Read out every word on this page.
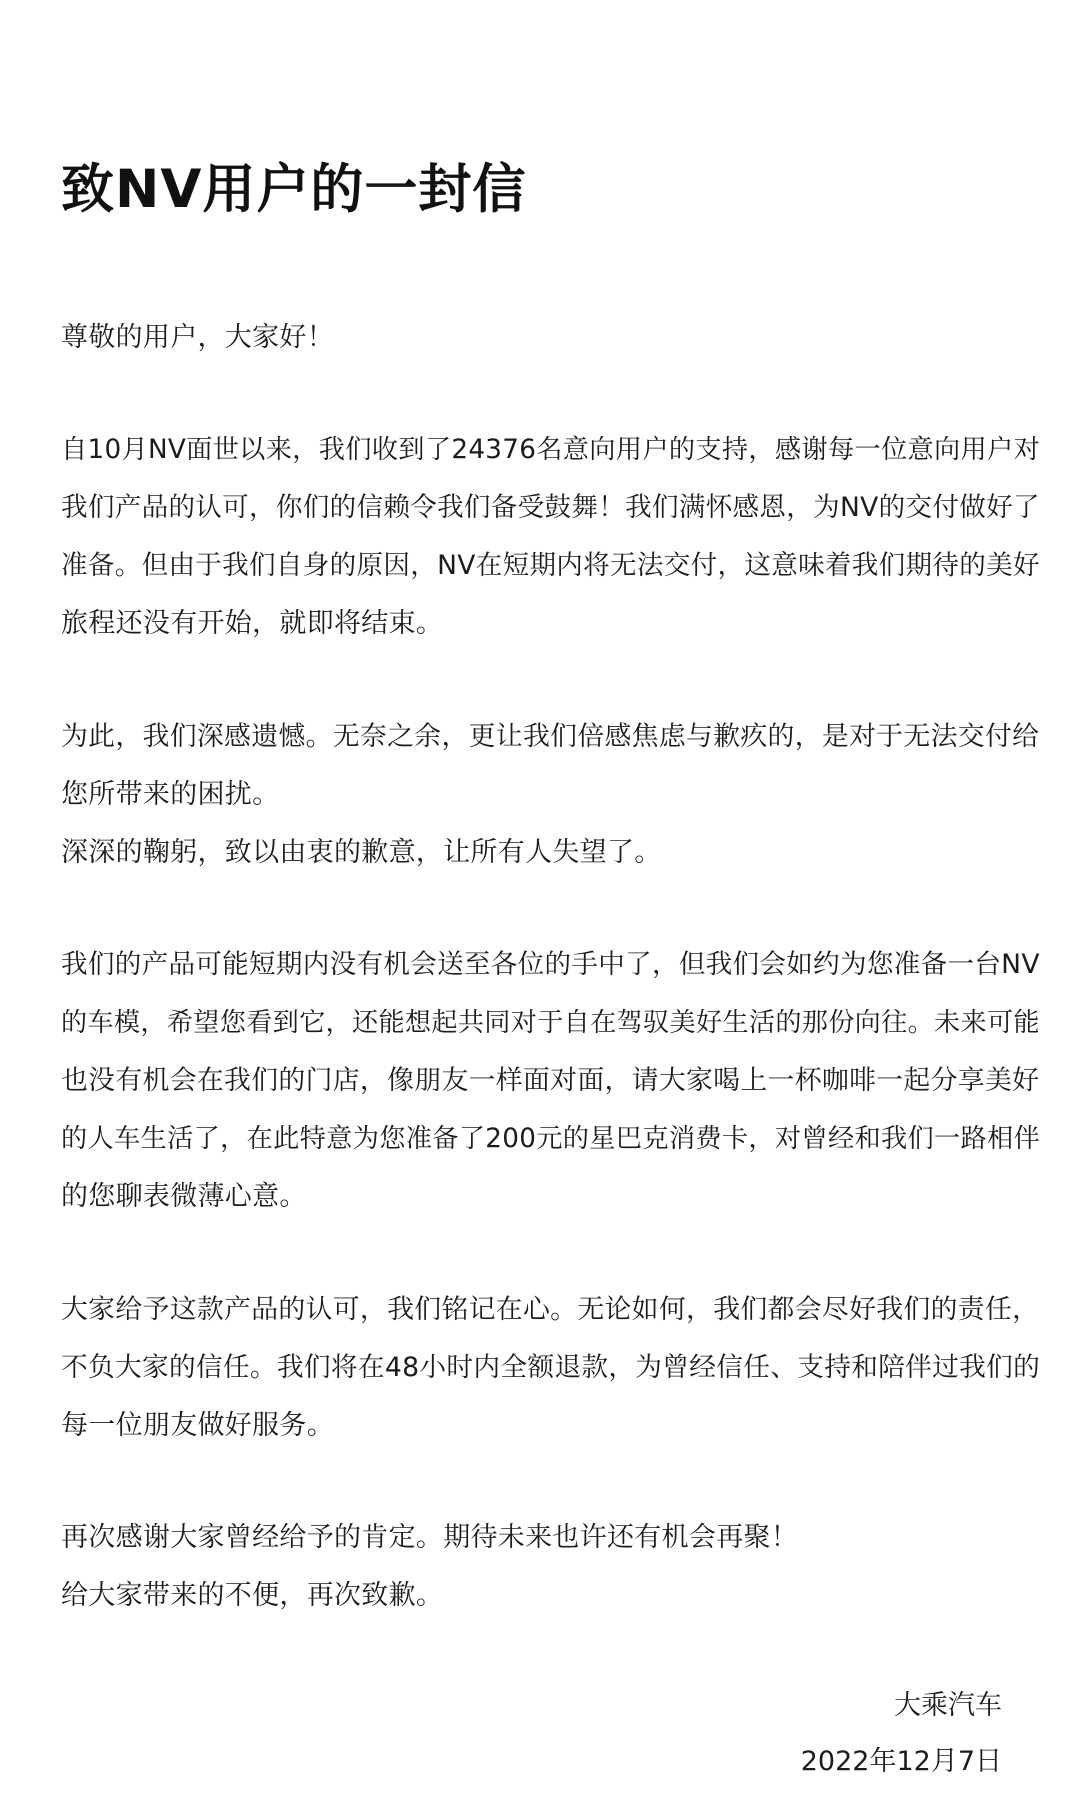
致NV用户的一封信
尊敬的用户，大家好！
自10月NV面世以来，我们收到了24376名意向用户的支持，感谢每一位意向用户对
我们产品的认可，你们的信赖令我们备受鼓舞！我们满怀感恩，为NV的交付做好了
准备。但由于我们自身的原因，NV在短期内将无法交付，这意味着我们期待的美好
旅程还没有开始，就即将结束。
为此，我们深感遗憾。无奈之余，更让我们倍感焦虑与歉疚的，是对于无法交付给
您所带来的困扰。
深深的鞠躬，致以由衷的歉意，让所有人失望了。
我们的产品可能短期内没有机会送至各位的手中了，但我们会如约为您准备一台NV
的车模，希望您看到它，还能想起共同对于自在驾驭美好生活的那份向往。未来可能
也没有机会在我们的门店，像朋友一样面对面，请大家喝上一杯咖啡一起分享美好
的人车生活了，在此特意为您准备了200元的星巴克消费卡，对曾经和我们一路相伴
的您聊表微薄心意。
大家给予这款产品的认可，我们铭记在心。无论如何，我们都会尽好我们的责任，
不负大家的信任。我们将在48小时内全额退款，为曾经信任、支持和陪伴过我们的
每一位朋友做好服务。
再次感谢大家曾经给予的肯定。期待未来也许还有机会再聚！
给大家带来的不便，再次致歉。
大乘汽车
2022年12月7日
